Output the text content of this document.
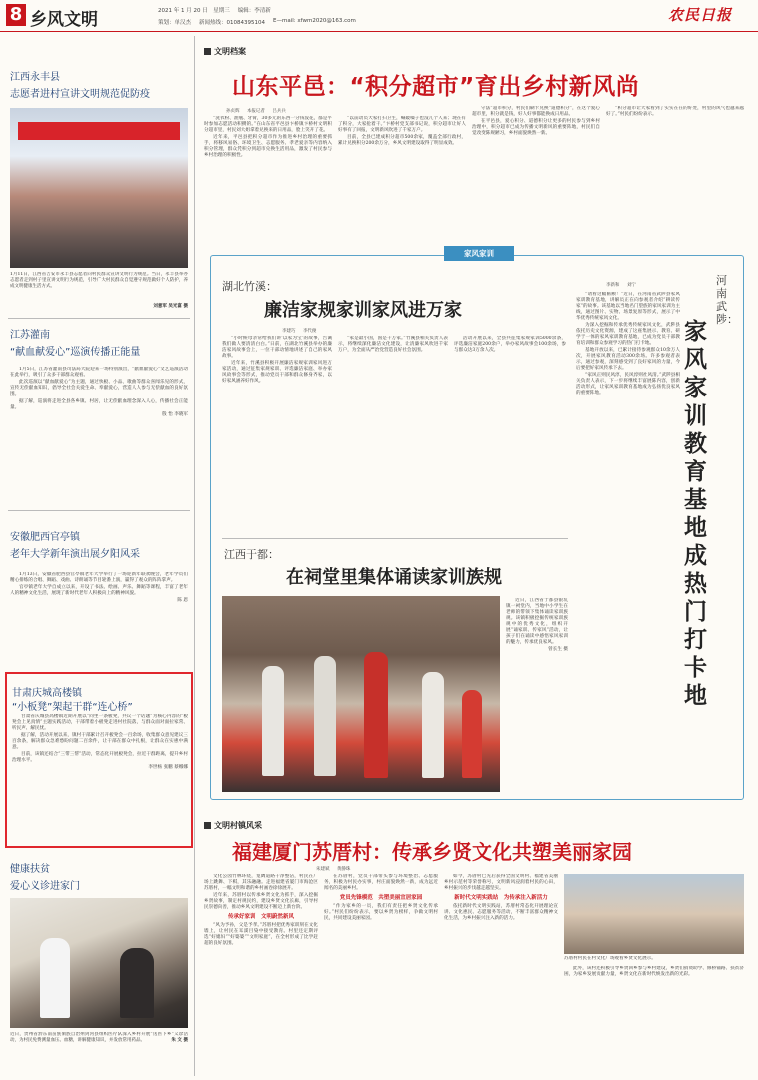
8 乡风文明	2021 年 1 月 20 日　星期三 编辑：李清新
策划：单汉杰 新闻热线：01084395104 E—mail: xfwm2020@163.com	农民日报
江西永丰县
志愿者进村宣讲文明规范促防疫
1月11日，江西省吉安市永丰县志愿者向村民群众宣讲文明行为规范。当日，永丰县举办志愿者走到村子里宣讲文明行为规范，引导广大村民群众自觉遵守规范做好个人防护，养成文明健康生活方式。
刘意军 吴光富 摄
江苏灌南
“献血献爱心”巡演传播正能量

1月5日，江苏省灌南县司法局大院迎来一场特别演出，“献血献爱心”文艺巡演活动在此举行，吸引了众多干部群众观看。

此次巡演以“献血献爱心”为主题，通过快板、小品、歌曲等群众喜闻乐见的形式，宣传无偿献血知识，倡导全社会关爱生命、奉献爱心，营造人人参与无偿献血的良好氛围。

据了解，巡演将走进全县各乡镇、村居，让无偿献血理念深入人心，传播社会正能量。

殷 怡 李晓军
安徽肥西官亭镇
老年大学新年演出展夕阳风采

1月13日，安徽省肥西县官亭镇老年大学举行了一场迎新年联欢晚会，老年学员们精心排练的合唱、舞蹈、戏曲、诗朗诵等节目轮番上演，赢得了观众的阵阵掌声。

官亭镇老年大学自成立以来，开设了书法、绘画、声乐、舞蹈等课程，丰富了老年人的精神文化生活，展现了新时代老年人积极向上的精神风貌。

陈 恩
甘肃庆城高楼镇
“小板凳”架起干群“连心桥”

甘肃省庆城县高楼镇近期开展以“同坐一条板凳，共议一个话题”为核心内容的“板凳会上见真情”主题实践活动，干部带着小板凳走进村社院落，与群众面对面拉家常、听民声、解民忧。

据了解，活动开展以来，镇村干部累计召开板凳会一百余场，收集群众意见建议三百余条，解决群众急难愁盼问题二百余件，让干部在群众中扎根，让群众在实惠中满意。

目前，该镇还结合“三带三帮”活动，常态化开展板凳会，拉近干群距离，提升乡村治理水平。

李世杨 张鹏 蔡娜娜
健康扶贫
爱心义诊进家门
近日，贵州省黔东南苗族侗族自治州剑河县组织医疗队深入乡村开展“送医下乡”义诊活动，为村民免费测量血压、血糖，讲解健康知识，并发放常用药品。	朱 文 摄
文明档案
山东平邑：“积分超市”育出乡村新风尚
孙贞辉 本报记者 吕兵兵

“洗衣粉、油瓶、牙膏，30多元的东西一分钱没花，都是平时参加志愿活动积攒的。”在山东省平邑县卞桥镇卞桥村文明积分超市里，村民刘大姐拿着兑换来的日用品，脸上笑开了花。

近年来，平邑县把积分超市作为推进乡村治理的重要抓手，将移风易俗、环境卫生、志愿服务、孝老爱亲等内容纳入积分管理，群众凭积分到超市兑换生活用品，激发了村民参与乡村治理的积极性。

“以前动员大家打扫卫生，喊破嗓子也没几个人来；现在有了积分，大家抢着干。”卞桥村党支部书记说，积分超市让好人好事有了回报，文明新风吹进了千家万户。

目前，全县已建成积分超市500余家，覆盖全部行政村，累计兑换积分200余万分，乡风文明建设取得了明显成效。

守法”超市积分，村民们刷卡兑换“道德积分”，在这个爱心超市里，积分就是钱，好人好事都能换成日用品。

在平邑县，爱心积分、道德积分让更多的村民参与到乡村治理中，积分超市已成为传播文明新风的重要阵地，村民们自觉改变陈规陋习，乡村面貌焕然一新。

“积分超市让大家看到了实实在在的好处，村里的风气也越来越好了。”村民们纷纷表示。

家风家训
湖北竹溪：
廉洁家规家训家风进万家
李建巧 李代俊

“小时候母亲常给我们讲‘以家为宝’的故事，告诫我们做人要清清白白。”日前，在湖北竹溪县举办的廉洁家风故事会上，一位干部动情地讲述了自己的家风故事。

近年来，竹溪县积极开展廉洁家规家训家风进万家活动，通过征集家规家训、评选廉洁家庭、举办家风故事会等形式，推动党员干部和群众修身齐家，以好家风涵养好作风。

“家是最小国，国是千万家。”竹溪县相关负责人表示，将继续深化廉洁文化建设，让清廉家风吹进千家万户，为全面从严治党营造良好社会氛围。

活动开展以来，全县共征集家规家训5000余条，评选廉洁家庭200余户，举办家风故事会100余场，参与群众达3万余人次。

江西于都：
在祠堂里集体诵读家训族规

近日，江西省于都县银坑镇一祠堂内，当地中小学生在老师的带领下集体诵读家训族规。该镇积极挖掘传统家训族规中的优秀文化，组织开展“诵家训、传家风”活动，让孩子们在诵读中感悟家风家训的魅力，传承优良家风。

曾长生 摄
河南武陟：
家风家训教育基地成热门打卡地
李新和 刘宁

“请看这幅匾额！”近日，在河南省武陟县家风家训教育基地，讲解员正在向参观者介绍“耕读传家”的故事。该基地以当地名门望族的家风家训为主线，通过图片、实物、场景复原等形式，展示了中华优秀传统家风文化。

为深入挖掘和传承优秀传统家风文化，武陟县依托历史文化资源，建成了这座集展示、教育、研学于一体的家风家训教育基地，已成为党员干部教育培训和群众参观学习的热门打卡地。

基地开放以来，已累计接待参观群众10余万人次，开展家风教育活动300余场。许多参观者表示，通过参观，深刻感受到了良好家风的力量，今后要把好家风传承下去。

“家风正则民风淳，民风淳则社风清。”武陟县相关负责人表示，下一步将继续丰富展陈内容，创新活动形式，让家风家训教育基地成为弘扬优良家风的重要阵地。

文明村镇风采
福建厦门苏厝村：传承乡贤文化共塑美丽家园
朱建斌 黄静珠

文化公园竹林环绕，宽阔道路干净整洁，村民在广场上跳舞、下棋，其乐融融。走进福建省厦门市海沧区苏厝村，一幅文明和谐的乡村画卷徐徐展开。

近年来，苏厝村以传承乡贤文化为抓手，深入挖掘乡贤故事，制定村规民约，建设乡贤文化长廊，引导村民崇德向善，推动乡风文明建设不断迈上新台阶。

传承好家训　文明蔚然新风

“风为予孙，父是予孝。”苏厝村把优秀家训刻在文化墙上，让村民在耳濡目染中接受教育。村里还定期评选“好媳妇”“好婆婆”“文明家庭”，在全村形成了比学赶超的良好氛围。

在苏厝村，党员干部带头参与环境整治、志愿服务，积极为村民办实事，村庄面貌焕然一新，成为远近闻名的美丽乡村。

党员先锋模范　共塑美丽宜居家园

“作为家乡的一员，我们有责任把乡贤文化传承好。”村民们纷纷表示，要以乡贤为榜样，争做文明村民，共同建设美丽家园。

如今，苏厝村已先后获得全国文明村、福建省美丽乡村示范村等荣誉称号，文明新风浸润着村民的心田，乡村振兴的步伐越走越坚实。

新时代文明实践站　为传承注入新活力

依托新时代文明实践站，苏厝村常态化开展理论宣讲、文化惠民、志愿服务等活动，不断丰富群众精神文化生活，为乡村振兴注入新的活力。

苏厝村村民在村文化广场观看乡贤文化展示。

此外，该村还积极引导乡贤回乡参与乡村建设，乡贤们捐资助学、修桥铺路、扶贫济困，为家乡发展贡献力量，乡贤文化在新时代焕发出新的光彩。
